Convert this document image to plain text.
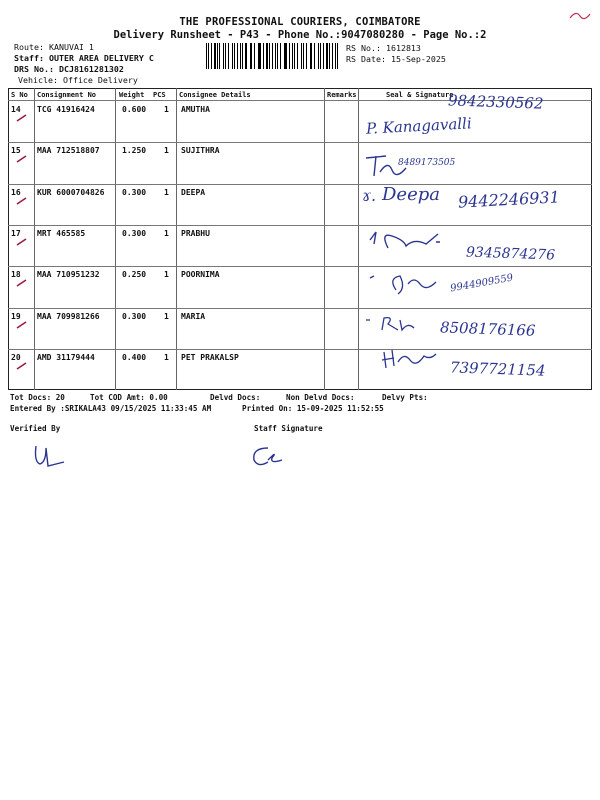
THE PROFESSIONAL COURIERS, COIMBATORE
Delivery Runsheet - P43 - Phone No.:9047080280 - Page No.:2
Route: KANUVAI 1
Staff: OUTER AREA DELIVERY C
DRS No.: DCJ8161281302
Vehicle: Office Delivery
RS No.: 1612813
RS Date: 15-Sep-2025
S No Consignment No	Weight PCS Consignee Details	Remarks	Seal & Signature
14 TCG 41916424	0.600 1 AMUTHA
15 MAA 712518807	1.250 1 SUJITHRA
16 KUR 6000704826 0.300 1 DEEPA
17 MRT 465585	0.300 1 PRABHU
18 MAA 710951232	0.250 1 POORNIMA
19 MAA 709981266	0.300 1 MARIA
20 AMD 31179444	0.400 1 PET PRAKALSP
9842330562
P. Kanagavalli
8489173505
ɤ. Deepa 9442246931
9345874276
9944909559
8508176166
7397721154
Tot Docs: 20	Tot COD Amt: 0.00	Delvd Docs:	Non Delvd Docs:	Delvy Pts:
Entered By :SRIKALA43 09/15/2025 11:33:45 AM	Printed On: 15-09-2025 11:52:55
Verified By	Staff Signature
